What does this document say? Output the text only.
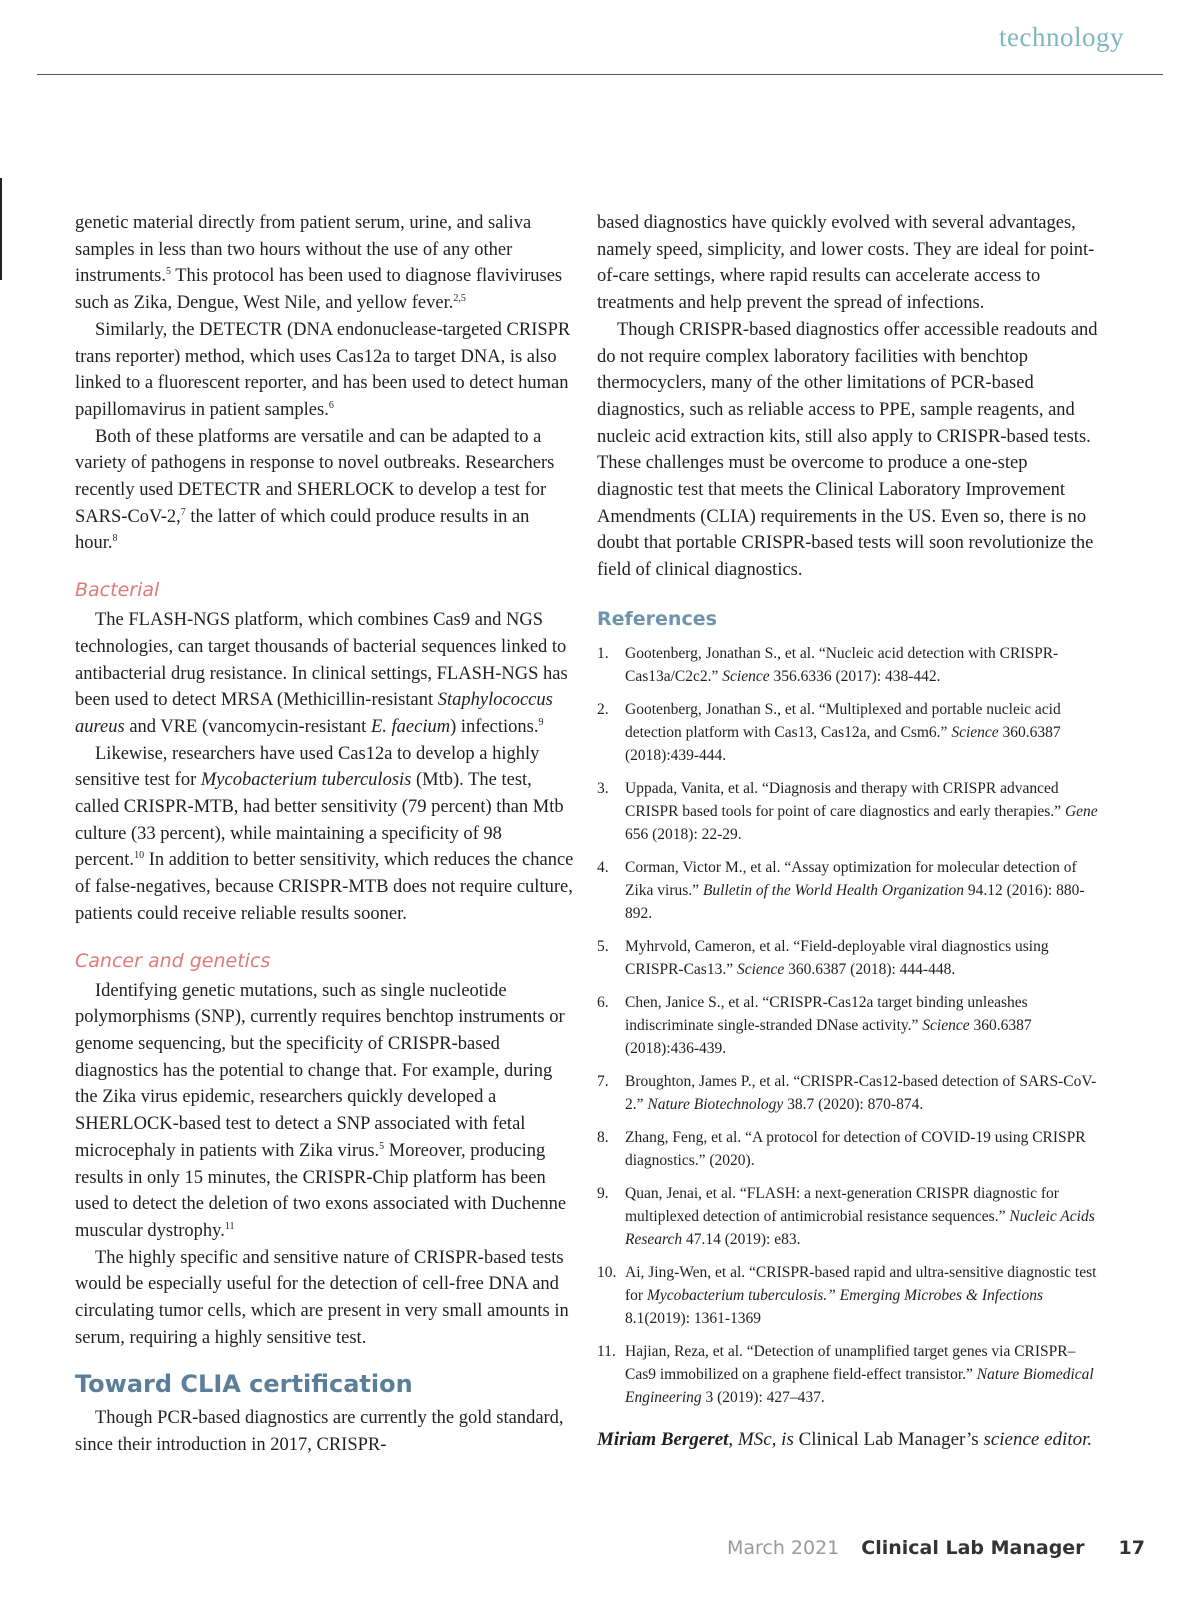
technology

genetic material directly from patient serum, urine, and saliva samples in less than two hours without the use of any other instruments.$^5$ This protocol has been used to diagnose flaviviruses such as Zika, Dengue, West Nile, and yellow fever.$^{2,5}$

Similarly, the DETECTR (DNA endonuclease-targeted CRISPR trans reporter) method, which uses Cas12a to target DNA, is also linked to a fluorescent reporter, and has been used to detect human papillomavirus in patient samples.$^6$

Both of these platforms are versatile and can be adapted to a variety of pathogens in response to novel outbreaks. Researchers recently used DETECTR and SHERLOCK to develop a test for SARS-CoV-2,$^7$ the latter of which could produce results in an hour.$^8$

Bacterial

The FLASH-NGS platform, which combines Cas9 and NGS technologies, can target thousands of bacterial sequences linked to antibacterial drug resistance. In clinical settings, FLASH-NGS has been used to detect MRSA (Methicillin-resistant Staphylococcus aureus and VRE (vancomycin-resistant E. faecium) infections.$^9$

Likewise, researchers have used Cas12a to develop a highly sensitive test for Mycobacterium tuberculosis (Mtb). The test, called CRISPR-MTB, had better sensitivity (79 percent) than Mtb culture (33 percent), while maintaining a specificity of 98 percent.$^{10}$ In addition to better sensitivity, which reduces the chance of false-negatives, because CRISPR-MTB does not require culture, patients could receive reliable results sooner.

Cancer and genetics

Identifying genetic mutations, such as single nucleotide polymorphisms (SNP), currently requires benchtop instruments or genome sequencing, but the specificity of CRISPR-based diagnostics has the potential to change that. For example, during the Zika virus epidemic, researchers quickly developed a SHERLOCK-based test to detect a SNP associated with fetal microcephaly in patients with Zika virus.$^5$ Moreover, producing results in only 15 minutes, the CRISPR-Chip platform has been used to detect the deletion of two exons associated with Duchenne muscular dystrophy.$^{11}$

The highly specific and sensitive nature of CRISPR-based tests would be especially useful for the detection of cell-free DNA and circulating tumor cells, which are present in very small amounts in serum, requiring a highly sensitive test.

Toward CLIA certification

Though PCR-based diagnostics are currently the gold standard, since their introduction in 2017, CRISPR-

based diagnostics have quickly evolved with several advantages, namely speed, simplicity, and lower costs. They are ideal for point-of-care settings, where rapid results can accelerate access to treatments and help prevent the spread of infections.

Though CRISPR-based diagnostics offer accessible readouts and do not require complex laboratory facilities with benchtop thermocyclers, many of the other limitations of PCR-based diagnostics, such as reliable access to PPE, sample reagents, and nucleic acid extraction kits, still also apply to CRISPR-based tests. These challenges must be overcome to produce a one-step diagnostic test that meets the Clinical Laboratory Improvement Amendments (CLIA) requirements in the US. Even so, there is no doubt that portable CRISPR-based tests will soon revolutionize the field of clinical diagnostics.

References
1. Gootenberg, Jonathan S., et al. “Nucleic acid detection with CRISPR-Cas13a/C2c2.” Science 356.6336 (2017): 438-442.
2. Gootenberg, Jonathan S., et al. “Multiplexed and portable nucleic acid detection platform with Cas13, Cas12a, and Csm6.” Science 360.6387 (2018):439-444.
3. Uppada, Vanita, et al. “Diagnosis and therapy with CRISPR advanced CRISPR based tools for point of care diagnostics and early therapies.” Gene 656 (2018): 22-29.
4. Corman, Victor M., et al. “Assay optimization for molecular detection of Zika virus.” Bulletin of the World Health Organization 94.12 (2016): 880-892.
5. Myhrvold, Cameron, et al. “Field-deployable viral diagnostics using CRISPR-Cas13.” Science 360.6387 (2018): 444-448.
6. Chen, Janice S., et al. “CRISPR-Cas12a target binding unleashes indiscriminate single-stranded DNase activity.” Science 360.6387 (2018):436-439.
7. Broughton, James P., et al. “CRISPR-Cas12-based detection of SARS-CoV-2.” Nature Biotechnology 38.7 (2020): 870-874.
8. Zhang, Feng, et al. “A protocol for detection of COVID-19 using CRISPR diagnostics.” (2020).
9. Quan, Jenai, et al. “FLASH: a next-generation CRISPR diagnostic for multiplexed detection of antimicrobial resistance sequences.” Nucleic Acids Research 47.14 (2019): e83.
10. Ai, Jing-Wen, et al. “CRISPR-based rapid and ultra-sensitive diagnostic test for Mycobacterium tuberculosis.” Emerging Microbes & Infections 8.1(2019): 1361-1369
11. Hajian, Reza, et al. “Detection of unamplified target genes via CRISPR–Cas9 immobilized on a graphene field-effect transistor.” Nature Biomedical Engineering 3 (2019): 427–437.
Miriam Bergeret, MSc, is Clinical Lab Manager’s science editor.
March 2021 Clinical Lab Manager 17
